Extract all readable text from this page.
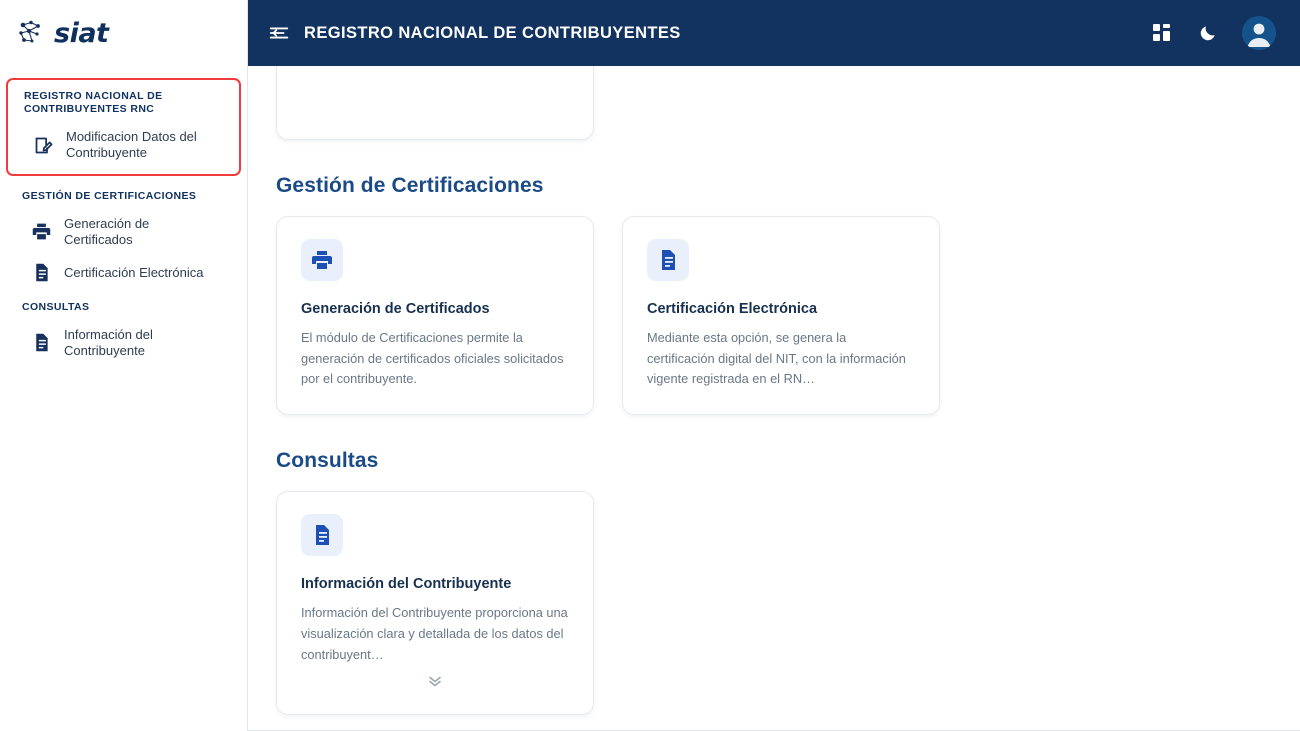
siat
REGISTRO NACIONAL DE CONTRIBUYENTES RNC
Modificacion Datos del Contribuyente
GESTIÓN DE CERTIFICACIONES
Generación de Certificados
Certificación Electrónica
CONSULTAS
Información del Contribuyente
REGISTRO NACIONAL DE CONTRIBUYENTES
Gestión de Certificaciones
Generación de Certificados
El módulo de Certificaciones permite la generación de certificados oficiales solicitados por el contribuyente.
Certificación Electrónica
Mediante esta opción, se genera la certificación digital del NIT, con la información vigente registrada en el RN…
Consultas
Información del Contribuyente
Información del Contribuyente proporciona una visualización clara y detallada de los datos del contribuyent…
